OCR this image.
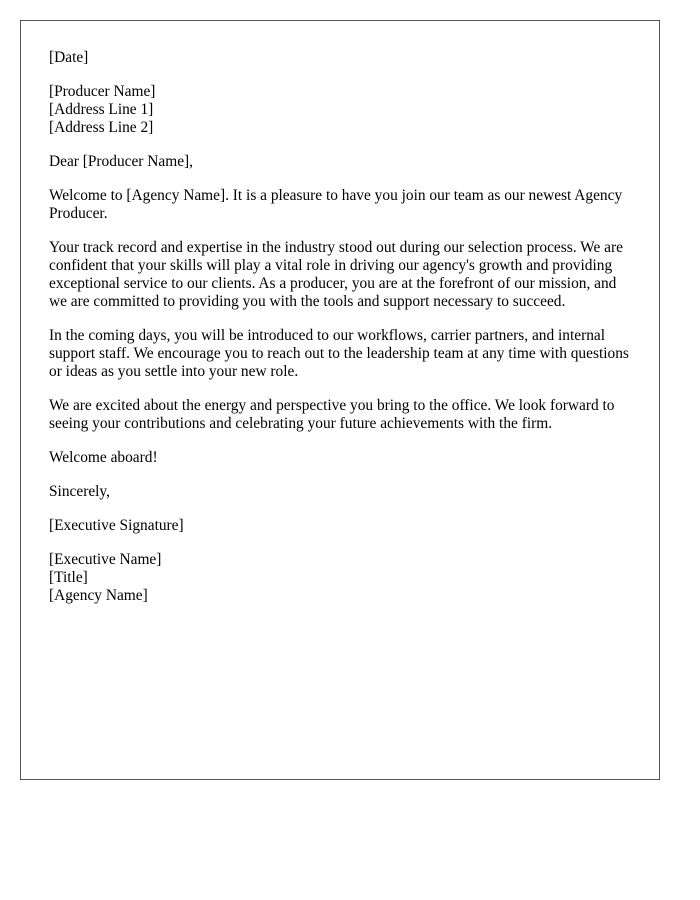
[Date]
[Producer Name]
[Address Line 1]
[Address Line 2]
Dear [Producer Name],

Welcome to [Agency Name]. It is a pleasure to have you join our team as our newest Agency Producer.

Your track record and expertise in the industry stood out during our selection process. We are confident that your skills will play a vital role in driving our agency's growth and providing exceptional service to our clients. As a producer, you are at the forefront of our mission, and we are committed to providing you with the tools and support necessary to succeed.

In the coming days, you will be introduced to our workflows, carrier partners, and internal support staff. We encourage you to reach out to the leadership team at any time with questions or ideas as you settle into your new role.

We are excited about the energy and perspective you bring to the office. We look forward to seeing your contributions and celebrating your future achievements with the firm.

Welcome aboard!
Sincerely,
[Executive Signature]
[Executive Name]
[Title]
[Agency Name]
